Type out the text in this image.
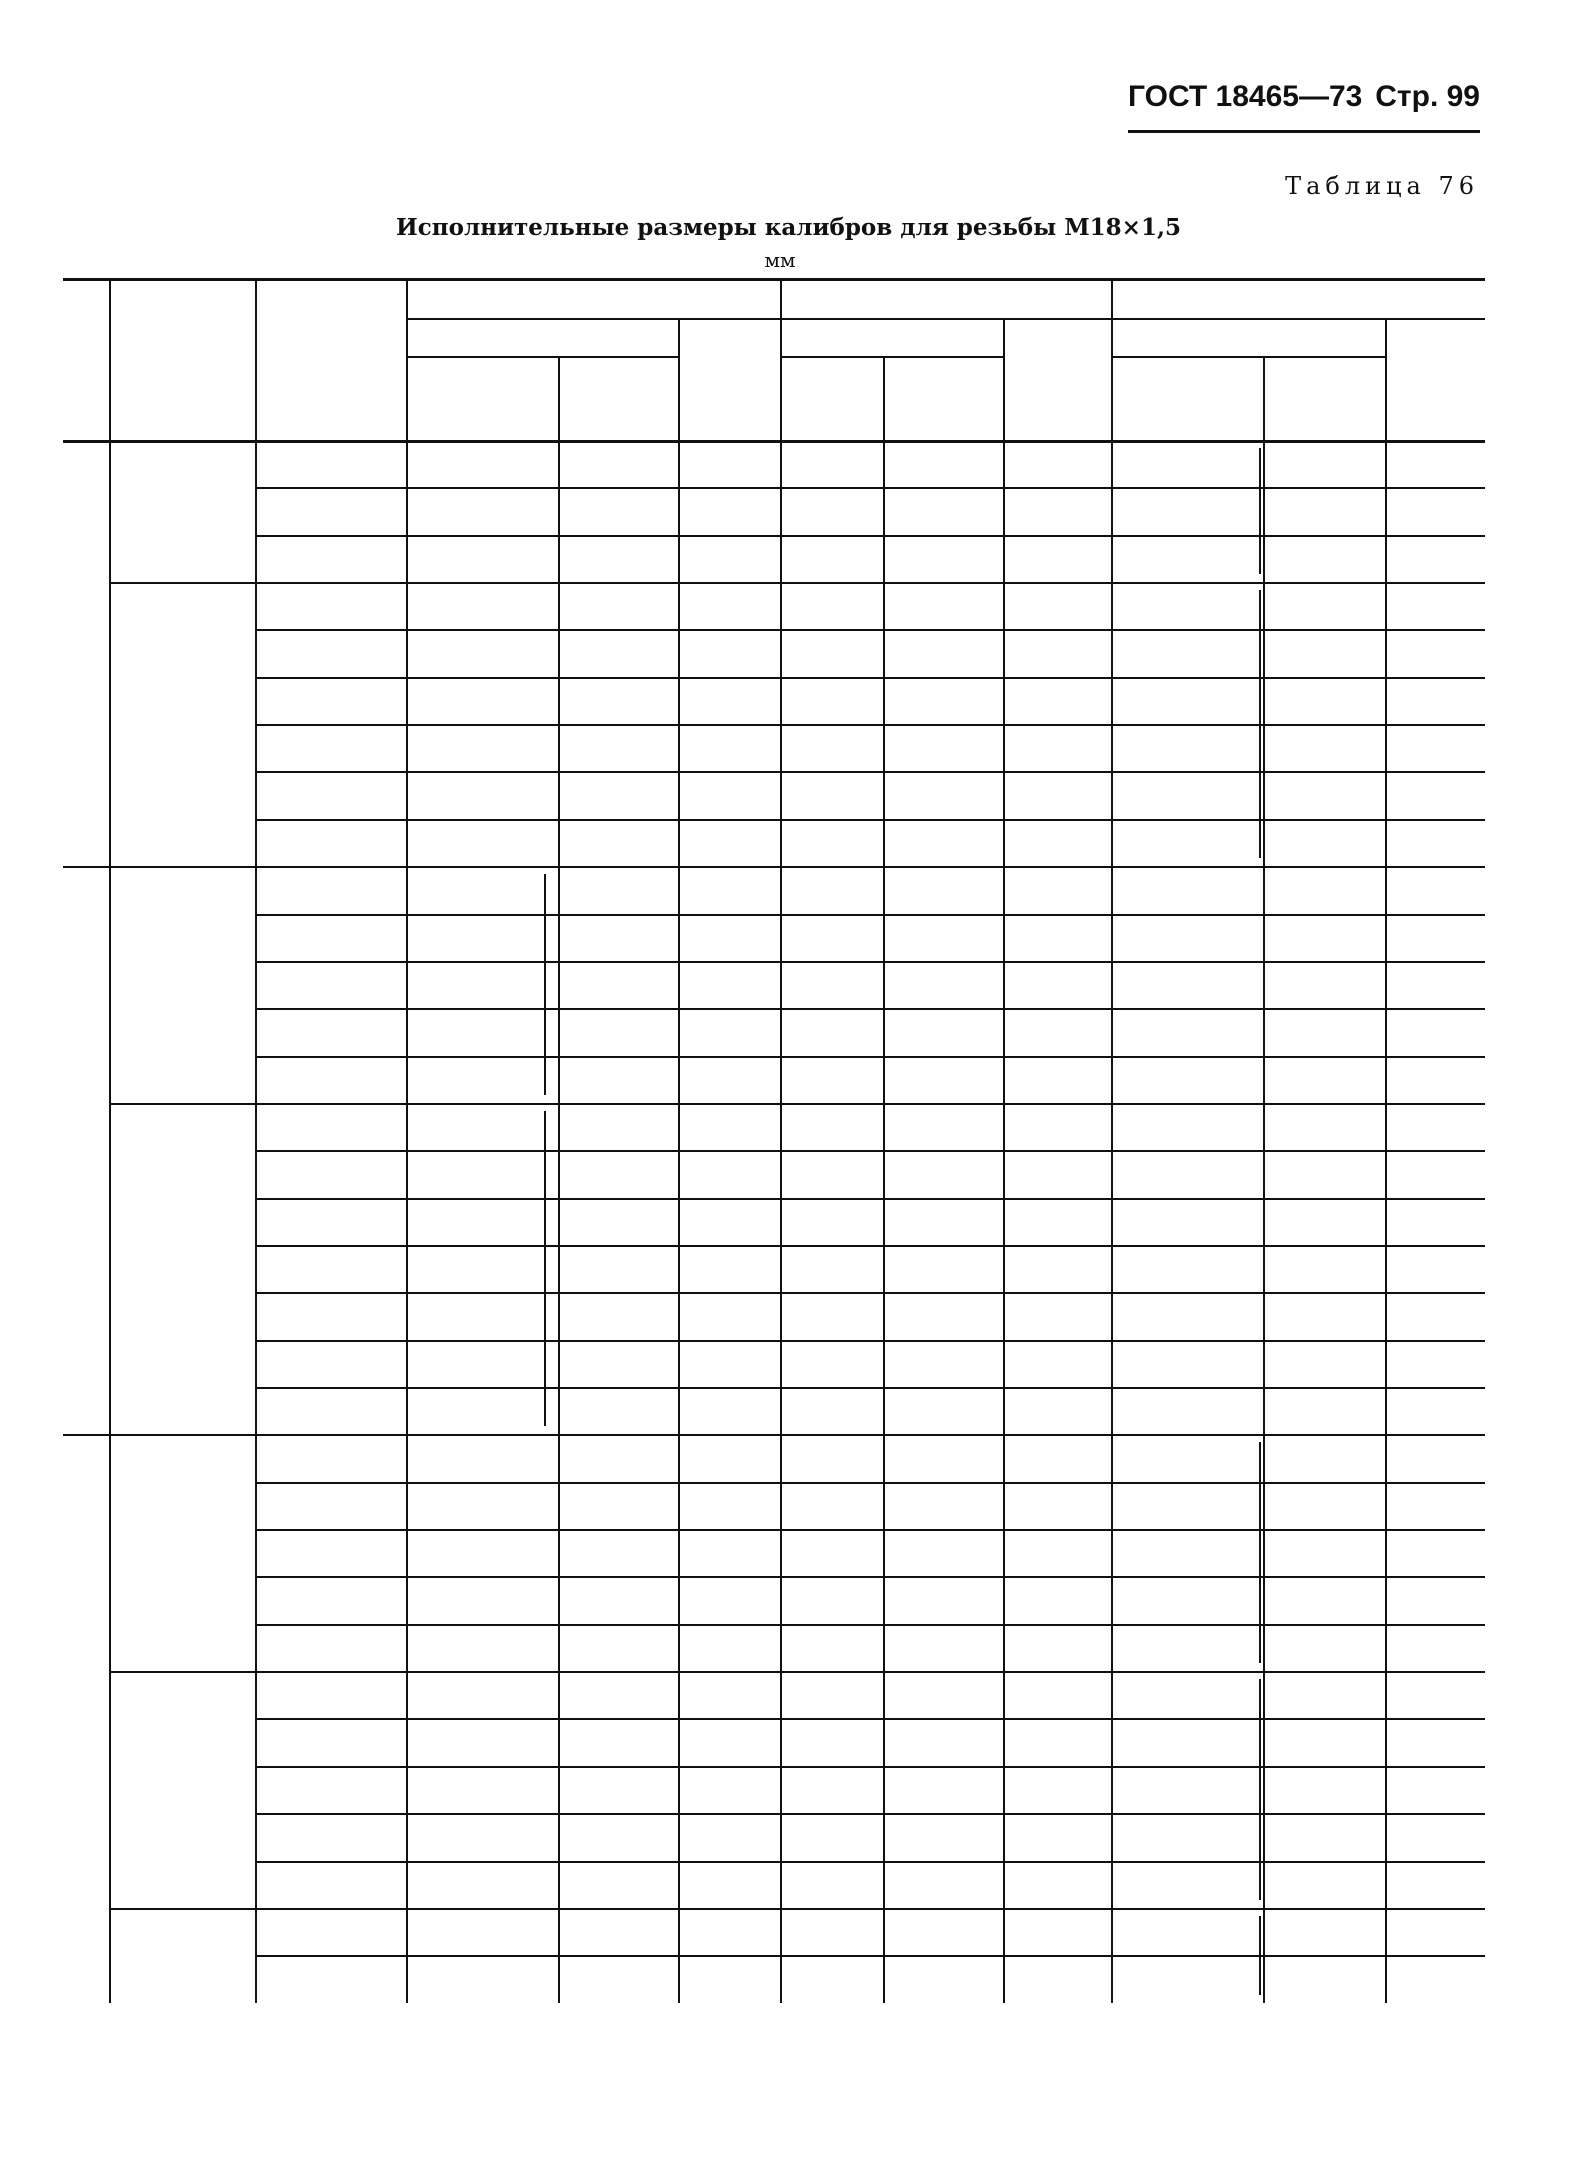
ГОСТ 18465—73 Стр. 99
Таблица 76
Исполнительные размеры калибров для резьбы М18×1,5
мм
